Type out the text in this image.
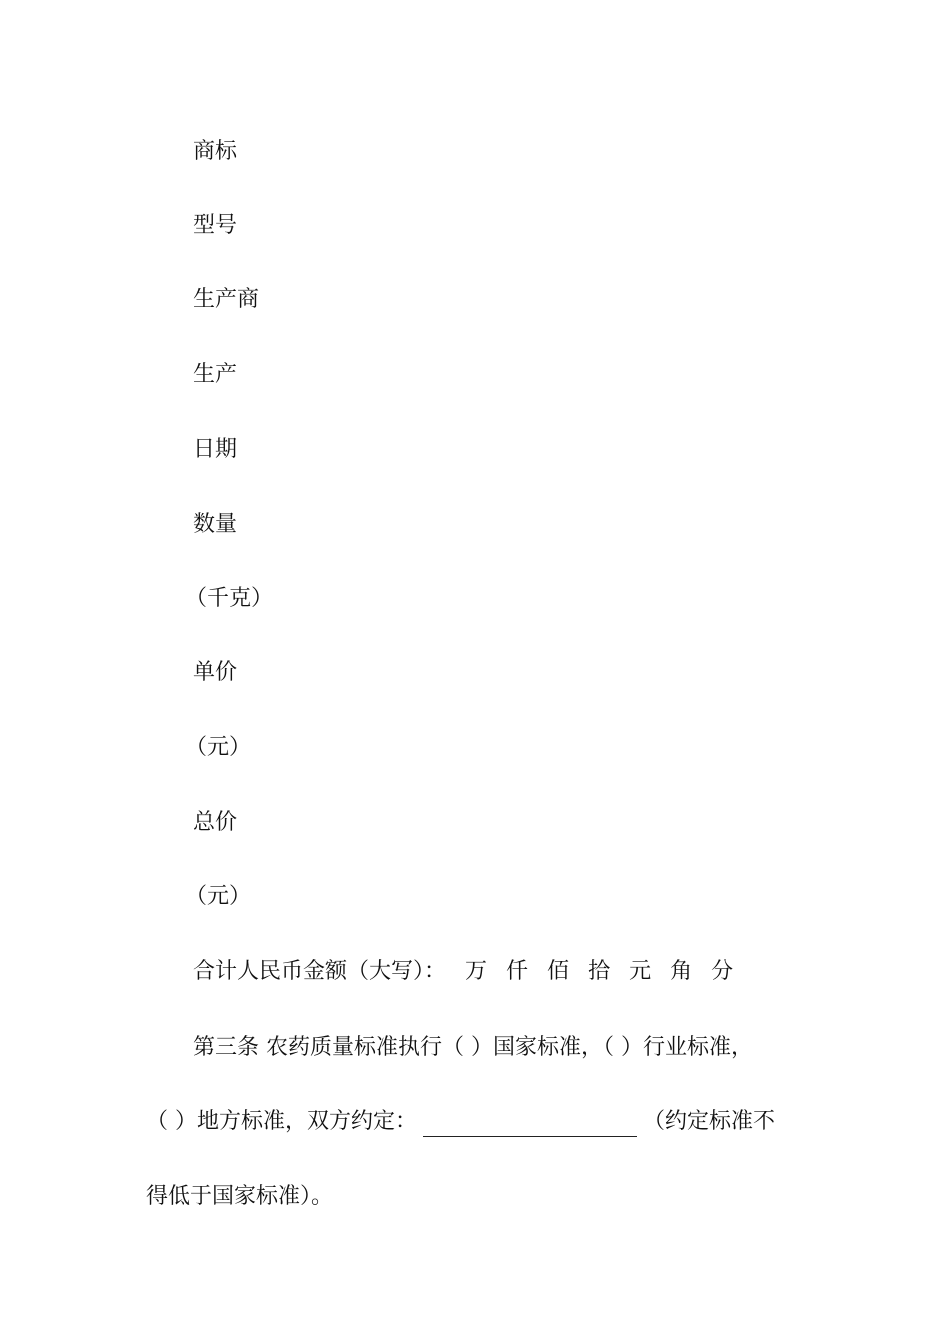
商标
型号
生产商
生产
日期
数量
（千克）
单价
（元）
总价
（元）
合计人民币金额（大写）： 万 仟 佰 拾 元 角 分
第三条 农药质量标准执行（ ）国家标准，（ ）行业标准，
（ ）地方标准，双方约定：	（约定标准不
得低于国家标准）。
